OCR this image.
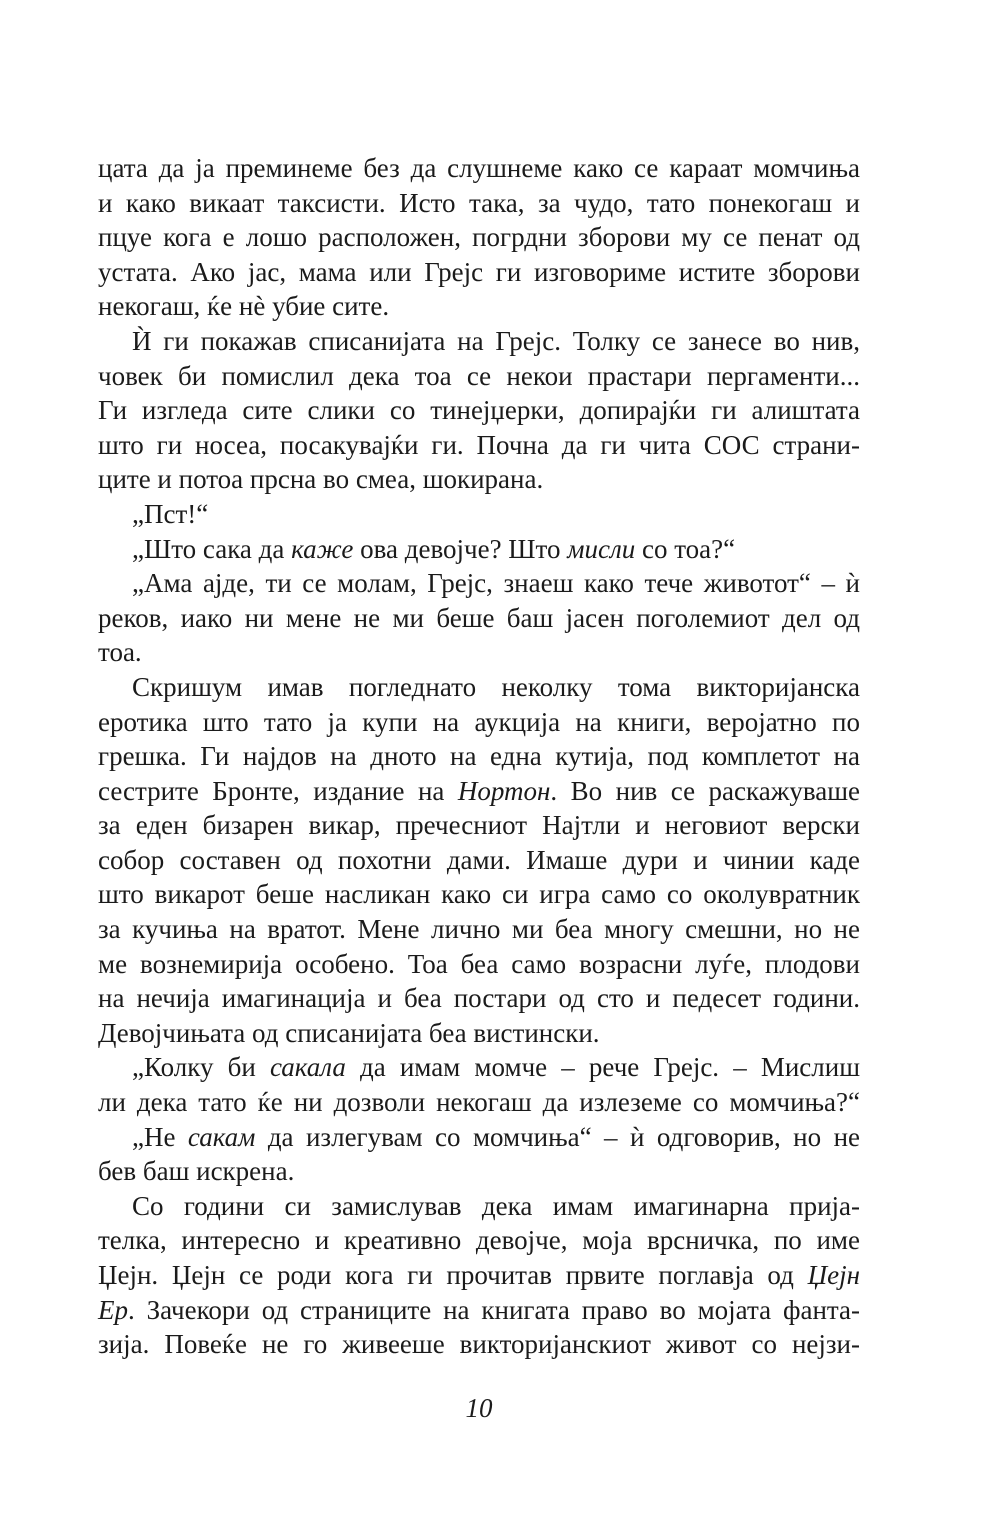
цата да ја преминеме без да слушнеме како се караат момчиња
и како викаат таксисти. Исто така, за чудо, тато понекогаш и
пцуе кога е лошо расположен, погрдни зборови му се пенат од
устата. Ако јас, мама или Грејс ги изговориме истите зборови
некогаш, ќе нѐ убие сите.
Ѝ ги покажав списанијата на Грејс. Толку се занесе во нив,
човек би помислил дека тоа се некои прастари пергаменти...
Ги изгледа сите слики со тинејџерки, допирајќи ги алиштата
што ги носеа, посакувајќи ги. Почна да ги чита СОС страни-
ците и потоа прсна во смеа, шокирана.
„Пст!“
„Што сака да каже ова девојче? Што мисли со тоа?“
„Ама ајде, ти се молам, Грејс, знаеш како тече животот“ – ѝ
реков, иако ни мене не ми беше баш јасен поголемиот дел од
тоа.
Скришум имав погледнато неколку тома викторијанска
еротика што тато ја купи на аукција на книги, веројатно по
грешка. Ги најдов на дното на една кутија, под комплетот на
сестрите Бронте, издание на Нортон. Во нив се раскажуваше
за еден бизарен викар, пречесниот Најтли и неговиот верски
собор составен од похотни дами. Имаше дури и чинии каде
што викарот беше насликан како си игра само со околувратник
за кучиња на вратот. Мене лично ми беа многу смешни, но не
ме вознемирија особено. Тоа беа само возрасни луѓе, плодови
на нечија имагинација и беа постари од сто и педесет години.
Девојчињата од списанијата беа вистински.
„Колку би сакала да имам момче – рече Грејс. – Мислиш
ли дека тато ќе ни дозволи некогаш да излеземе со момчиња?“
„Не сакам да излегувам со момчиња“ – ѝ одговорив, но не
бев баш искрена.
Со години си замислував дека имам имагинарна прија-
телка, интересно и креативно девојче, моја врсничка, по име
Џејн. Џејн се роди кога ги прочитав првите поглавја од Џејн
Ер. Зачекори од страниците на книгата право во мојата фанта-
зија. Повеќе не го живееше викторијанскиот живот со нејзи-
10
